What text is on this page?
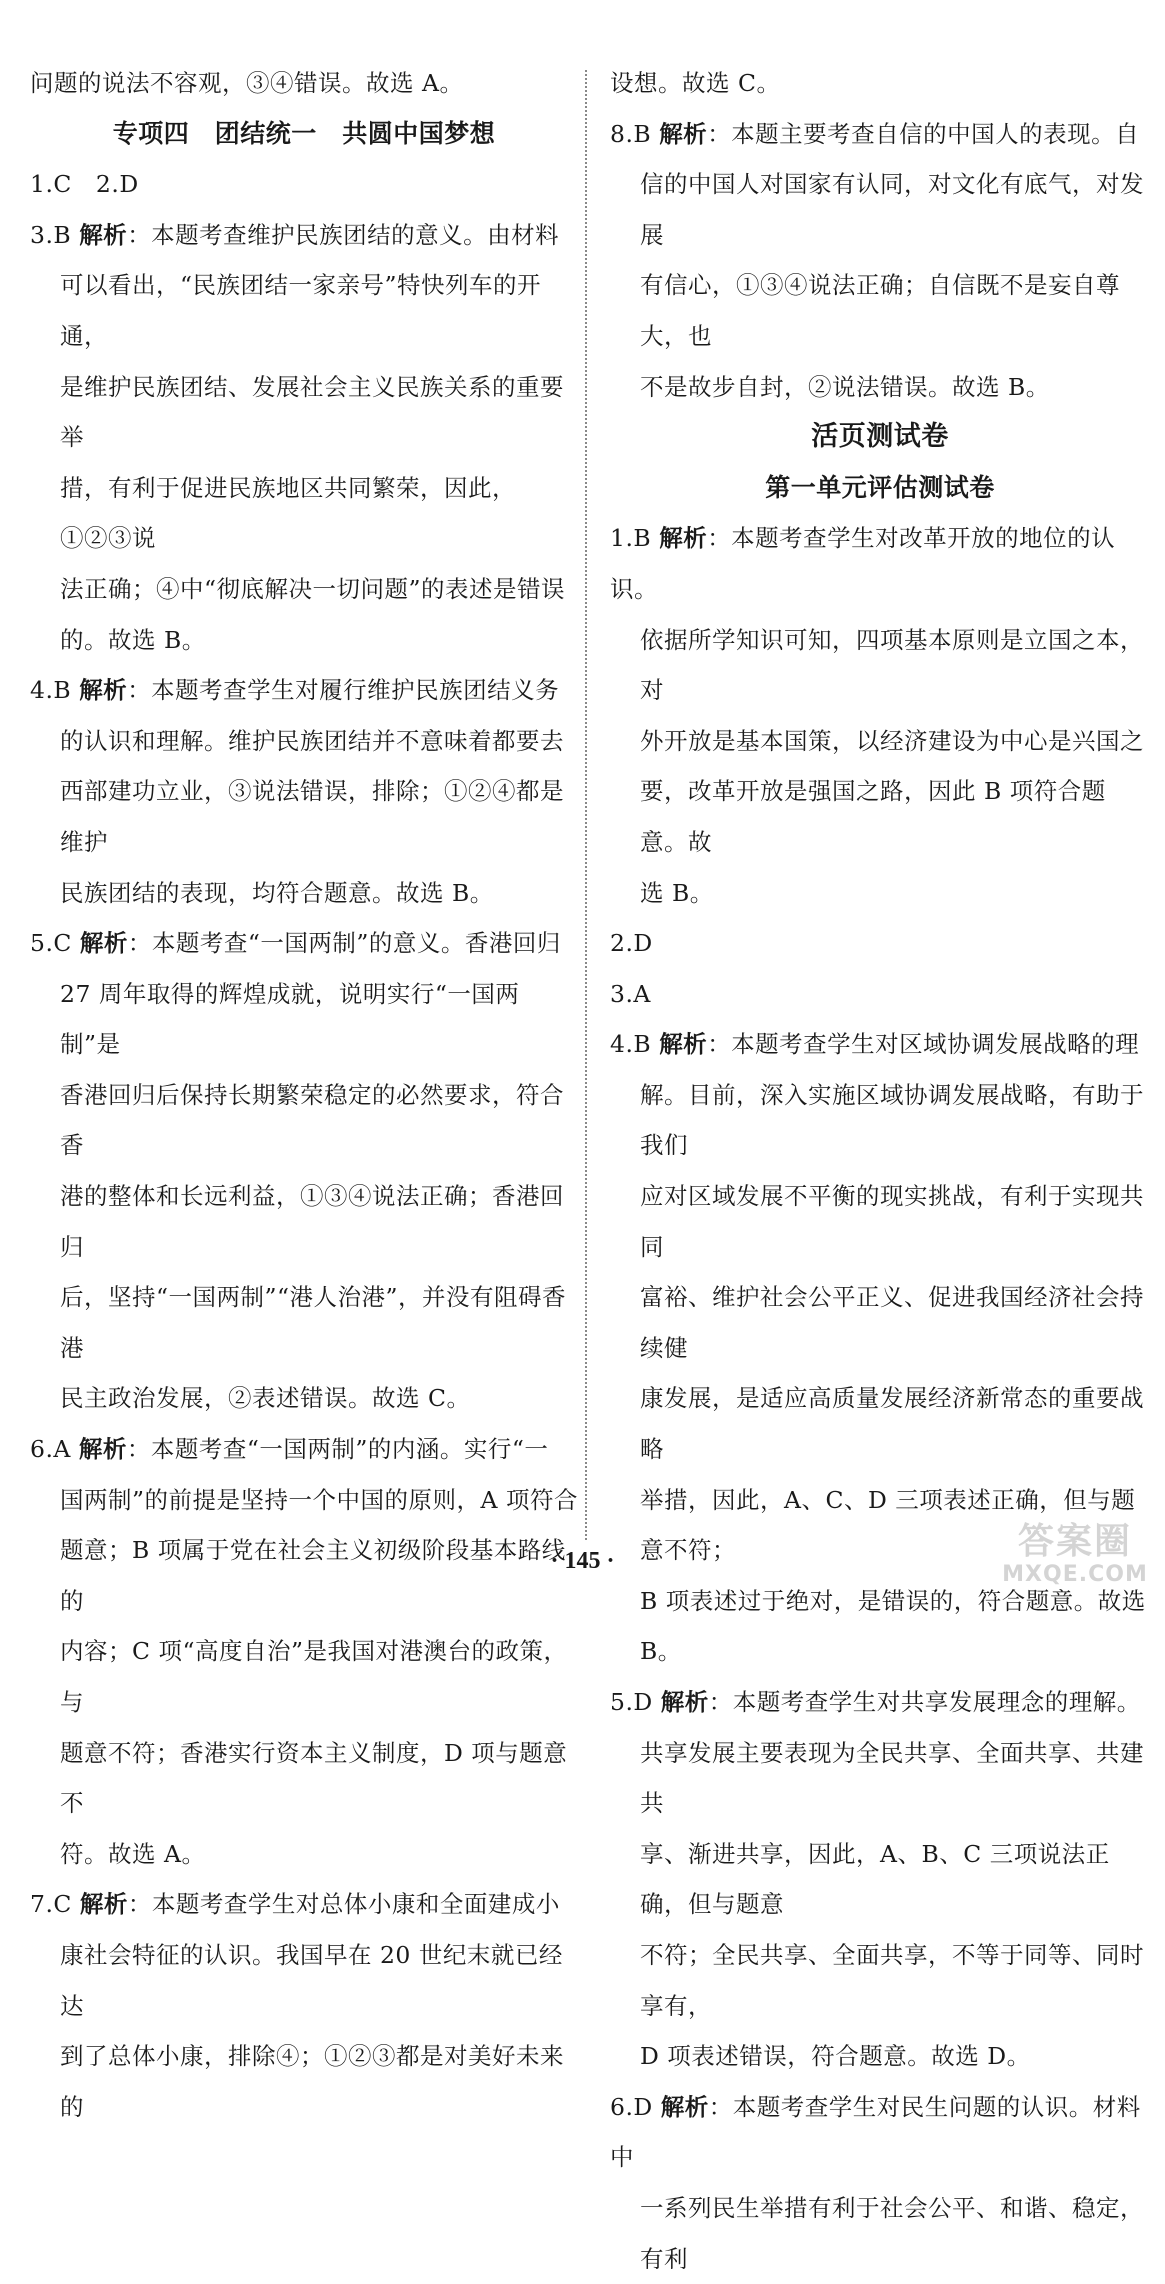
问题的说法不容观，③④错误。故选 A。

专项四　团结统一　共圆中国梦想

1.C　2.D

3.B 解析：本题考查维护民族团结的意义。由材料

可以看出，“民族团结一家亲号”特快列车的开通，

是维护民族团结、发展社会主义民族关系的重要举

措，有利于促进民族地区共同繁荣，因此，①②③说

法正确；④中“彻底解决一切问题”的表述是错误

的。故选 B。

4.B 解析：本题考查学生对履行维护民族团结义务

的认识和理解。维护民族团结并不意味着都要去

西部建功立业，③说法错误，排除；①②④都是维护

民族团结的表现，均符合题意。故选 B。

5.C 解析：本题考查“一国两制”的意义。香港回归

27 周年取得的辉煌成就，说明实行“一国两制”是

香港回归后保持长期繁荣稳定的必然要求，符合香

港的整体和长远利益，①③④说法正确；香港回归

后，坚持“一国两制”“港人治港”，并没有阻碍香港

民主政治发展，②表述错误。故选 C。

6.A 解析：本题考查“一国两制”的内涵。实行“一

国两制”的前提是坚持一个中国的原则，A 项符合

题意；B 项属于党在社会主义初级阶段基本路线的

内容；C 项“高度自治”是我国对港澳台的政策，与

题意不符；香港实行资本主义制度，D 项与题意不

符。故选 A。

7.C 解析：本题考查学生对总体小康和全面建成小

康社会特征的认识。我国早在 20 世纪末就已经达

到了总体小康，排除④；①②③都是对美好未来的

设想。故选 C。

8.B 解析：本题主要考查自信的中国人的表现。自

信的中国人对国家有认同，对文化有底气，对发展

有信心，①③④说法正确；自信既不是妄自尊大，也

不是故步自封，②说法错误。故选 B。

活页测试卷

第一单元评估测试卷

1.B 解析：本题考查学生对改革开放的地位的认识。

依据所学知识可知，四项基本原则是立国之本，对

外开放是基本国策，以经济建设为中心是兴国之

要，改革开放是强国之路，因此 B 项符合题意。故

选 B。

2.D

3.A

4.B 解析：本题考查学生对区域协调发展战略的理

解。目前，深入实施区域协调发展战略，有助于我们

应对区域发展不平衡的现实挑战，有利于实现共同

富裕、维护社会公平正义、促进我国经济社会持续健

康发展，是适应高质量发展经济新常态的重要战略

举措，因此，A、C、D 三项表述正确，但与题意不符；

B 项表述过于绝对，是错误的，符合题意。故选 B。

5.D 解析：本题考查学生对共享发展理念的理解。

共享发展主要表现为全民共享、全面共享、共建共

享、渐进共享，因此，A、B、C 三项说法正确，但与题意

不符；全民共享、全面共享，不等于同等、同时享有，

D 项表述错误，符合题意。故选 D。

6.D 解析：本题考查学生对民生问题的认识。材料中

一系列民生举措有利于社会公平、和谐、稳定，有利

· 145 ·	答案圈
MXQE.COM
